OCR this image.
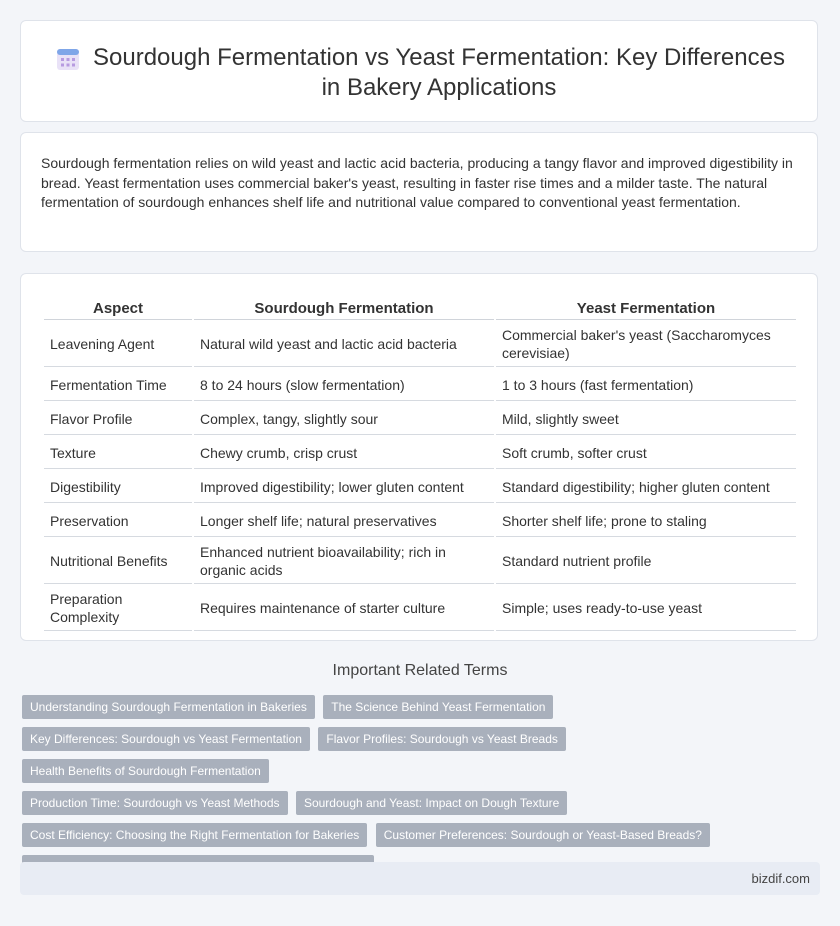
Sourdough Fermentation vs Yeast Fermentation: Key Differences in Bakery Applications

Sourdough fermentation relies on wild yeast and lactic acid bacteria, producing a tangy flavor and improved digestibility in bread. Yeast fermentation uses commercial baker's yeast, resulting in faster rise times and a milder taste. The natural fermentation of sourdough enhances shelf life and nutritional value compared to conventional yeast fermentation.

Aspect	Sourdough Fermentation	Yeast Fermentation
Leavening Agent	Natural wild yeast and lactic acid bacteria	Commercial baker's yeast (Saccharomyces cerevisiae)
Fermentation Time	8 to 24 hours (slow fermentation)	1 to 3 hours (fast fermentation)
Flavor Profile	Complex, tangy, slightly sour	Mild, slightly sweet
Texture	Chewy crumb, crisp crust	Soft crumb, softer crust
Digestibility	Improved digestibility; lower gluten content	Standard digestibility; higher gluten content
Preservation	Longer shelf life; natural preservatives	Shorter shelf life; prone to staling
Nutritional Benefits	Enhanced nutrient bioavailability; rich in organic acids	Standard nutrient profile
Preparation Complexity	Requires maintenance of starter culture	Simple; uses ready-to-use yeast
Important Related Terms
Understanding Sourdough Fermentation in Bakeries The Science Behind Yeast Fermentation
Key Differences: Sourdough vs Yeast Fermentation Flavor Profiles: Sourdough vs Yeast Breads Health Benefits of Sourdough Fermentation
Production Time: Sourdough vs Yeast Methods Sourdough and Yeast: Impact on Dough Texture
Cost Efficiency: Choosing the Right Fermentation for Bakeries Customer Preferences: Sourdough or Yeast-Based Breads?

bizdif.com
